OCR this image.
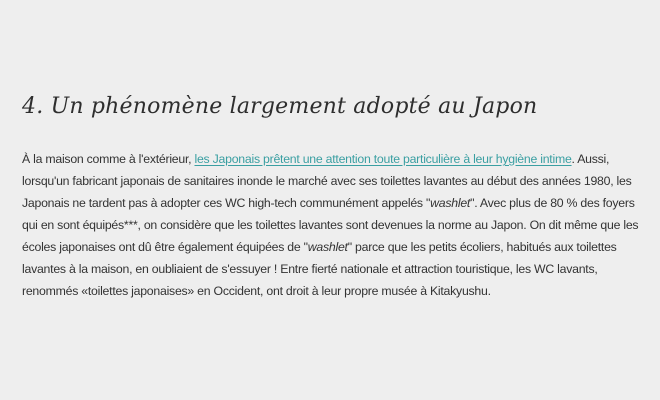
4. Un phénomène largement adopté au Japon

À la maison comme à l'extérieur, les Japonais prêtent une attention toute particulière à leur hygiène intime. Aussi, lorsqu'un fabricant japonais de sanitaires inonde le marché avec ses toilettes lavantes au début des années 1980, les Japonais ne tardent pas à adopter ces WC high-tech communément appelés "washlet". Avec plus de 80 % des foyers qui en sont équipés***, on considère que les toilettes lavantes sont devenues la norme au Japon. On dit même que les écoles japonaises ont dû être également équipées de "washlet" parce que les petits écoliers, habitués aux toilettes lavantes à la maison, en oubliaient de s'essuyer ! Entre fierté nationale et attraction touristique, les WC lavants, renommés «toilettes japonaises» en Occident, ont droit à leur propre musée à Kitakyushu.
